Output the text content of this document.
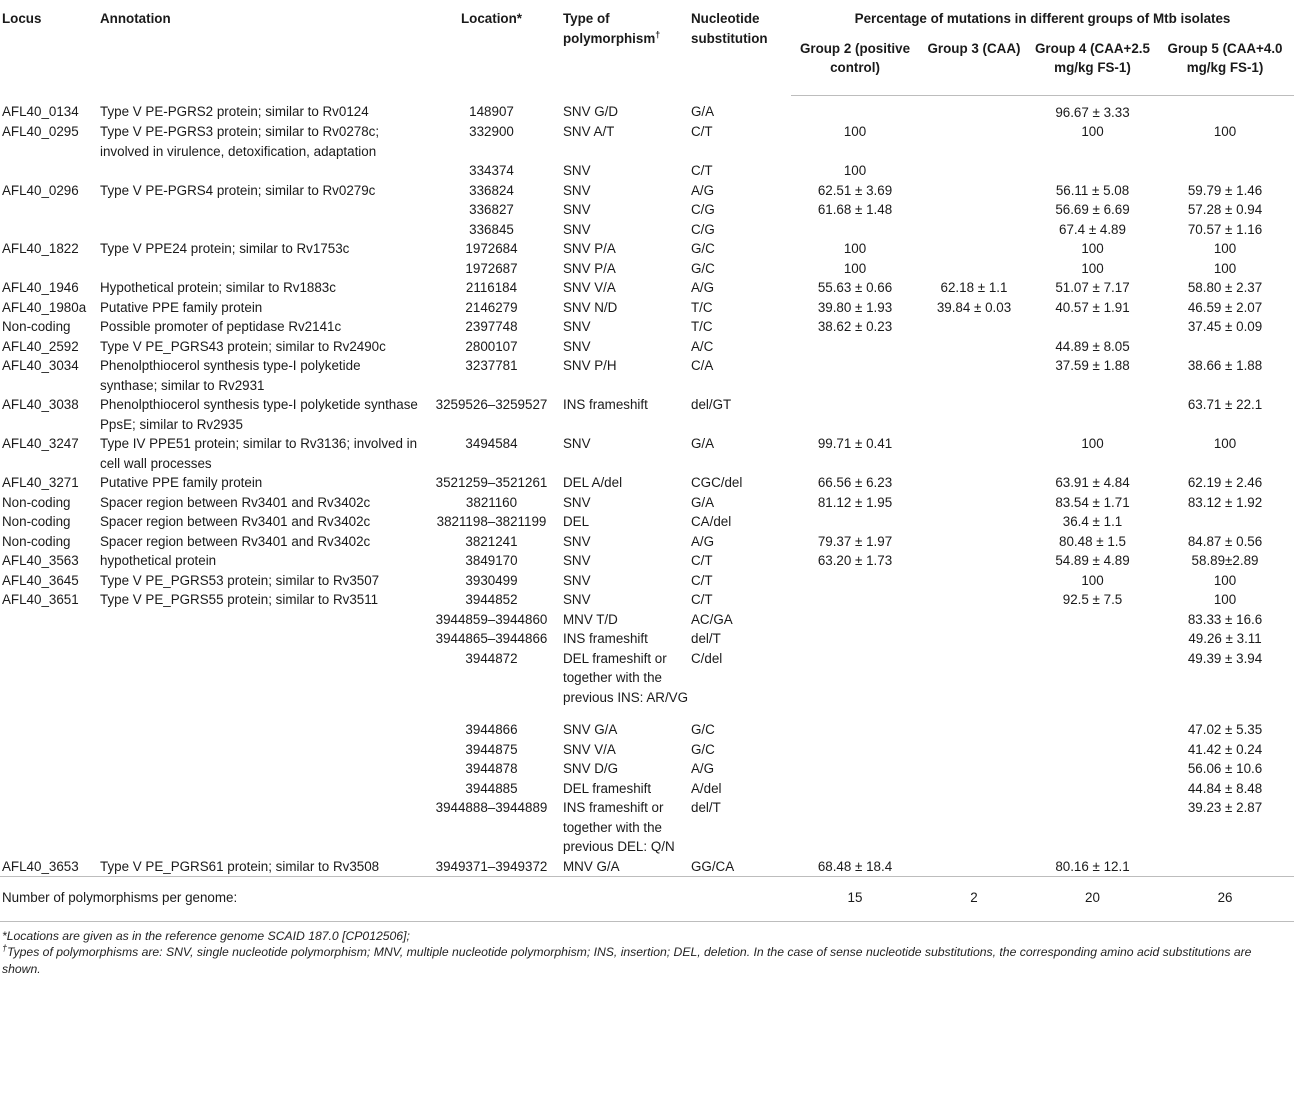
Locus	Annotation	Location*	Type of polymorphism†	Nucleotide substitution	Percentage of mutations in different groups of Mtb isolates			
					Group 2 (positive control)	Group 3 (CAA)	Group 4 (CAA+2.5 mg/kg FS-1)	Group 5 (CAA+4.0 mg/kg FS-1)
AFL40_0134	Type V PE-PGRS2 protein; similar to Rv0124	148907	SNV G/D	G/A			96.67 ± 3.33	
AFL40_0295	Type V PE-PGRS3 protein; similar to Rv0278c; involved in virulence, detoxification, adaptation	332900	SNV A/T	C/T	100		100	100
		334374	SNV	C/T	100			
AFL40_0296	Type V PE-PGRS4 protein; similar to Rv0279c	336824	SNV	A/G	62.51 ± 3.69		56.11 ± 5.08	59.79 ± 1.46
		336827	SNV	C/G	61.68 ± 1.48		56.69 ± 6.69	57.28 ± 0.94
		336845	SNV	C/G			67.4 ± 4.89	70.57 ± 1.16
AFL40_1822	Type V PPE24 protein; similar to Rv1753c	1972684	SNV P/A	G/C	100		100	100
		1972687	SNV P/A	G/C	100		100	100
AFL40_1946	Hypothetical protein; similar to Rv1883c	2116184	SNV V/A	A/G	55.63 ± 0.66	62.18 ± 1.1	51.07 ± 7.17	58.80 ± 2.37
AFL40_1980a	Putative PPE family protein	2146279	SNV N/D	T/C	39.80 ± 1.93	39.84 ± 0.03	40.57 ± 1.91	46.59 ± 2.07
Non-coding	Possible promoter of peptidase Rv2141c	2397748	SNV	T/C	38.62 ± 0.23			37.45 ± 0.09
AFL40_2592	Type V PE_PGRS43 protein; similar to Rv2490c	2800107	SNV	A/C			44.89 ± 8.05	
AFL40_3034	Phenolpthiocerol synthesis type-I polyketide synthase; similar to Rv2931	3237781	SNV P/H	C/A			37.59 ± 1.88	38.66 ± 1.88
AFL40_3038	Phenolpthiocerol synthesis type-I polyketide synthase PpsE; similar to Rv2935	3259526–3259527	INS frameshift	del/GT				63.71 ± 22.1
AFL40_3247	Type IV PPE51 protein; similar to Rv3136; involved in cell wall processes	3494584	SNV	G/A	99.71 ± 0.41		100	100
AFL40_3271	Putative PPE family protein	3521259–3521261	DEL A/del	CGC/del	66.56 ± 6.23		63.91 ± 4.84	62.19 ± 2.46
Non-coding	Spacer region between Rv3401 and Rv3402c	3821160	SNV	G/A	81.12 ± 1.95		83.54 ± 1.71	83.12 ± 1.92
Non-coding	Spacer region between Rv3401 and Rv3402c	3821198–3821199	DEL	CA/del			36.4 ± 1.1	
Non-coding	Spacer region between Rv3401 and Rv3402c	3821241	SNV	A/G	79.37 ± 1.97		80.48 ± 1.5	84.87 ± 0.56
AFL40_3563	hypothetical protein	3849170	SNV	C/T	63.20 ± 1.73		54.89 ± 4.89	58.89±2.89
AFL40_3645	Type V PE_PGRS53 protein; similar to Rv3507	3930499	SNV	C/T			100	100
AFL40_3651	Type V PE_PGRS55 protein; similar to Rv3511	3944852	SNV	C/T			92.5 ± 7.5	100
		3944859–3944860	MNV T/D	AC/GA				83.33 ± 16.6
		3944865–3944866	INS frameshift	del/T				49.26 ± 3.11
		3944872	DEL frameshift or together with the previous INS: AR/VG	C/del				49.39 ± 3.94
		3944866	SNV G/A	G/C				47.02 ± 5.35
		3944875	SNV V/A	G/C				41.42 ± 0.24
		3944878	SNV D/G	A/G				56.06 ± 10.6
		3944885	DEL frameshift	A/del				44.84 ± 8.48
		3944888–3944889	INS frameshift or together with the previous DEL: Q/N	del/T				39.23 ± 2.87
AFL40_3653	Type V PE_PGRS61 protein; similar to Rv3508	3949371–3949372	MNV G/A	GG/CA	68.48 ± 18.4		80.16 ± 12.1	
Number of polymorphisms per genome:					15	2	20	26

*Locations are given as in the reference genome SCAID 187.0 [CP012506];

†Types of polymorphisms are: SNV, single nucleotide polymorphism; MNV, multiple nucleotide polymorphism; INS, insertion; DEL, deletion. In the case of sense nucleotide substitutions, the corresponding amino acid substitutions are shown.
